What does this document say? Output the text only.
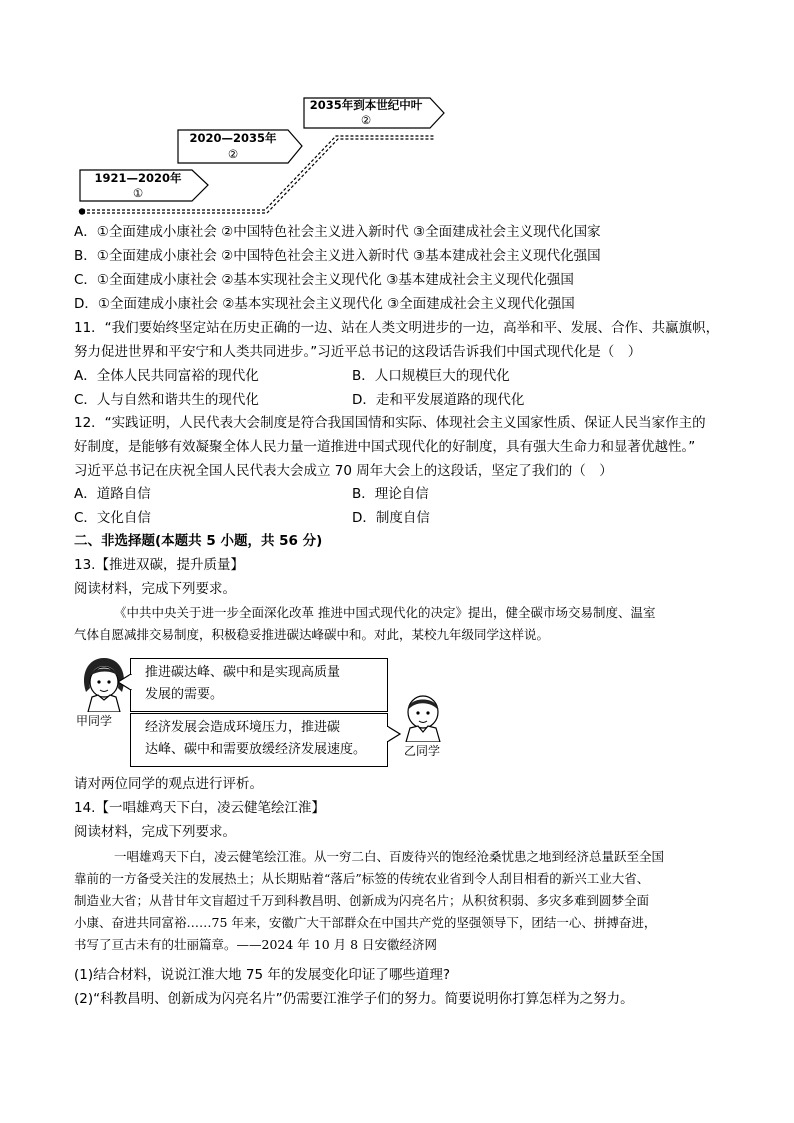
2035年到本世纪中叶
②
2020—2035年
②
1921—2020年
①
A．①全面建成小康社会 ②中国特色社会主义进入新时代 ③全面建成社会主义现代化国家
B．①全面建成小康社会 ②中国特色社会主义进入新时代 ③基本建成社会主义现代化强国
C．①全面建成小康社会 ②基本实现社会主义现代化 ③基本建成社会主义现代化强国
D．①全面建成小康社会 ②基本实现社会主义现代化 ③全面建成社会主义现代化强国
11．“我们要始终坚定站在历史正确的一边、站在人类文明进步的一边，高举和平、发展、合作、共赢旗帜，
努力促进世界和平安宁和人类共同进步。”习近平总书记的这段话告诉我们中国式现代化是（　）
A．全体人民共同富裕的现代化	B．人口规模巨大的现代化
C．人与自然和谐共生的现代化	D．走和平发展道路的现代化
12．“实践证明，人民代表大会制度是符合我国国情和实际、体现社会主义国家性质、保证人民当家作主的
好制度，是能够有效凝聚全体人民力量一道推进中国式现代化的好制度，具有强大生命力和显著优越性。”
习近平总书记在庆祝全国人民代表大会成立 70 周年大会上的这段话，坚定了我们的（　）
A．道路自信	B．理论自信
C．文化自信	D．制度自信
二、非选择题(本题共 5 小题，共 56 分)
13.【推进双碳，提升质量】
阅读材料，完成下列要求。

《中共中央关于进一步全面深化改革 推进中国式现代化的决定》提出，健全碳市场交易制度、温室

气体自愿减排交易制度，积极稳妥推进碳达峰碳中和。对此，某校九年级同学这样说。

甲同学
推进碳达峰、碳中和是实现高质量
发展的需要。
经济发展会造成环境压力，推进碳
达峰、碳中和需要放缓经济发展速度。	乙同学
请对两位同学的观点进行评析。
14.【一唱雄鸡天下白，凌云健笔绘江淮】
阅读材料，完成下列要求。

一唱雄鸡天下白，凌云健笔绘江淮。从一穷二白、百废待兴的饱经沧桑忧患之地到经济总量跃至全国

靠前的一方备受关注的发展热土；从长期贴着“落后”标签的传统农业省到令人刮目相看的新兴工业大省、

制造业大省；从昔甘年文盲超过千万到科教昌明、创新成为闪亮名片；从积贫积弱、多灾多难到圆梦全面

小康、奋进共同富裕……75 年来，安徽广大干部群众在中国共产党的坚强领导下，团结一心、拼搏奋进，

书写了亘古未有的壮丽篇章。——2024 年 10 月 8 日安徽经济网

(1)结合材料，说说江淮大地 75 年的发展变化印证了哪些道理?
(2)“科教昌明、创新成为闪亮名片”仍需要江淮学子们的努力。简要说明你打算怎样为之努力。
